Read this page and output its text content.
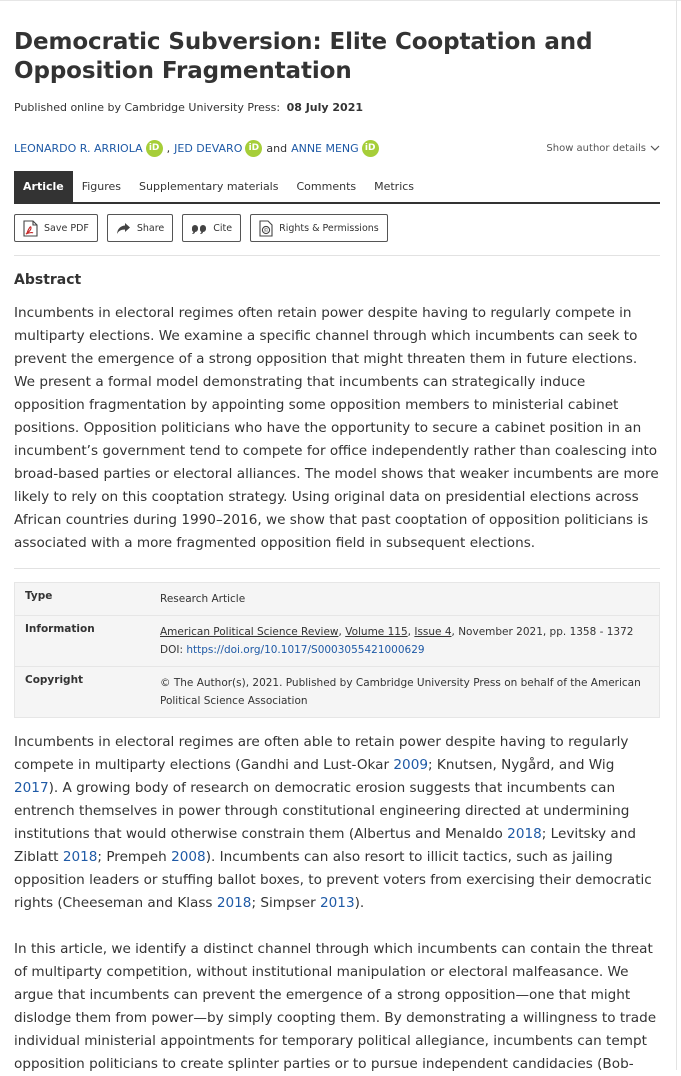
Democratic Subversion: Elite Cooptation and Opposition Fragmentation
Published online by Cambridge University Press: 08 July 2021
LEONARDO R. ARRIOLA iD , JED DEVARO iD and ANNE MENG iD	Show author details
Article	Figures	Supplementary materials	Comments	Metrics
Save PDF	Share	Cite	© Rights & Permissions
Abstract

Incumbents in electoral regimes often retain power despite having to regularly compete in multiparty elections. We examine a specific channel through which incumbents can seek to prevent the emergence of a strong opposition that might threaten them in future elections. We present a formal model demonstrating that incumbents can strategically induce opposition fragmentation by appointing some opposition members to ministerial cabinet positions. Opposition politicians who have the opportunity to secure a cabinet position in an incumbent’s government tend to compete for office independently rather than coalescing into broad-based parties or electoral alliances. The model shows that weaker incumbents are more likely to rely on this cooptation strategy. Using original data on presidential elections across African countries during 1990–2016, we show that past cooptation of opposition politicians is associated with a more fragmented opposition field in subsequent elections.

Type	Research Article
Information	American Political Science Review, Volume 115, Issue 4, November 2021, pp. 1358 - 1372
DOI: https://doi.org/10.1017/S0003055421000629
Copyright	© The Author(s), 2021. Published by Cambridge University Press on behalf of the American Political Science Association

Incumbents in electoral regimes are often able to retain power despite having to regularly compete in multiparty elections (Gandhi and Lust-Okar 2009; Knutsen, Nygård, and Wig 2017). A growing body of research on democratic erosion suggests that incumbents can entrench themselves in power through constitutional engineering directed at undermining institutions that would otherwise constrain them (Albertus and Menaldo 2018; Levitsky and Ziblatt 2018; Prempeh 2008). Incumbents can also resort to illicit tactics, such as jailing opposition leaders or stuffing ballot boxes, to prevent voters from exercising their democratic rights (Cheeseman and Klass 2018; Simpser 2013).

In this article, we identify a distinct channel through which incumbents can contain the threat of multiparty competition, without institutional manipulation or electoral malfeasance. We argue that incumbents can prevent the emergence of a strong opposition—one that might dislodge them from power—by simply coopting them. By demonstrating a willingness to trade individual ministerial appointments for temporary political allegiance, incumbents can tempt opposition politicians to create splinter parties or to pursue independent candidacies (Bob-
